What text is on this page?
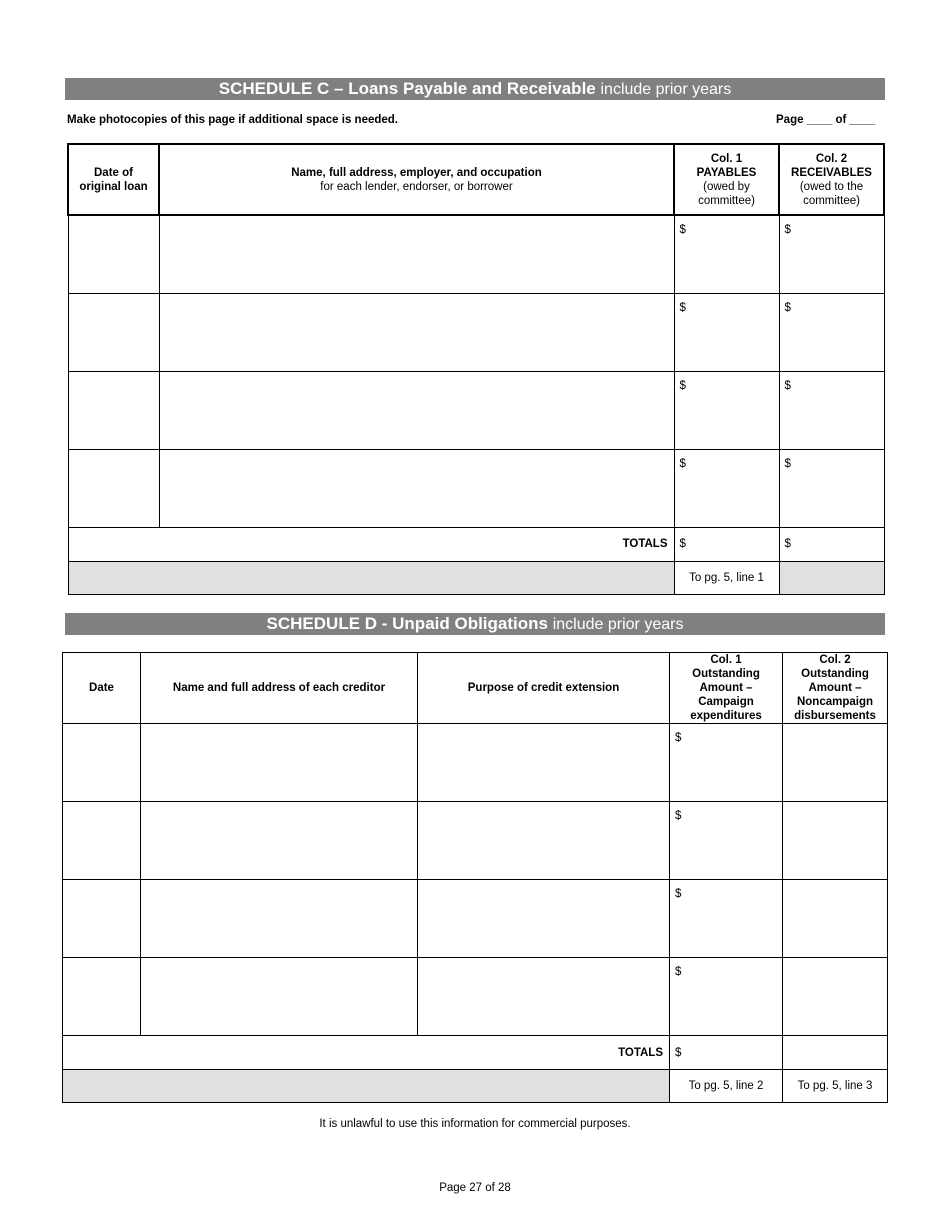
SCHEDULE C – Loans Payable and Receivable include prior years
Make photocopies of this page if additional space is needed.	Page ____ of ____
Date of
original loan	Name, full address, employer, and occupation
for each lender, endorser, or borrower	Col. 1
PAYABLES
(owed by
committee)	Col. 2
RECEIVABLES
(owed to the
committee)
		$	$
		$	$
		$	$
		$	$
TOTALS		$	$
		To pg. 5, line 1	
SCHEDULE D - Unpaid Obligations include prior years
Date	Name and full address of each creditor	Purpose of credit extension	Col. 1
Outstanding
Amount –
Campaign
expenditures	Col. 2
Outstanding
Amount –
Noncampaign
disbursements
			$	
			$	
			$	
			$	
TOTALS			$	
			To pg. 5, line 2	To pg. 5, line 3
It is unlawful to use this information for commercial purposes.
Page 27 of 28
